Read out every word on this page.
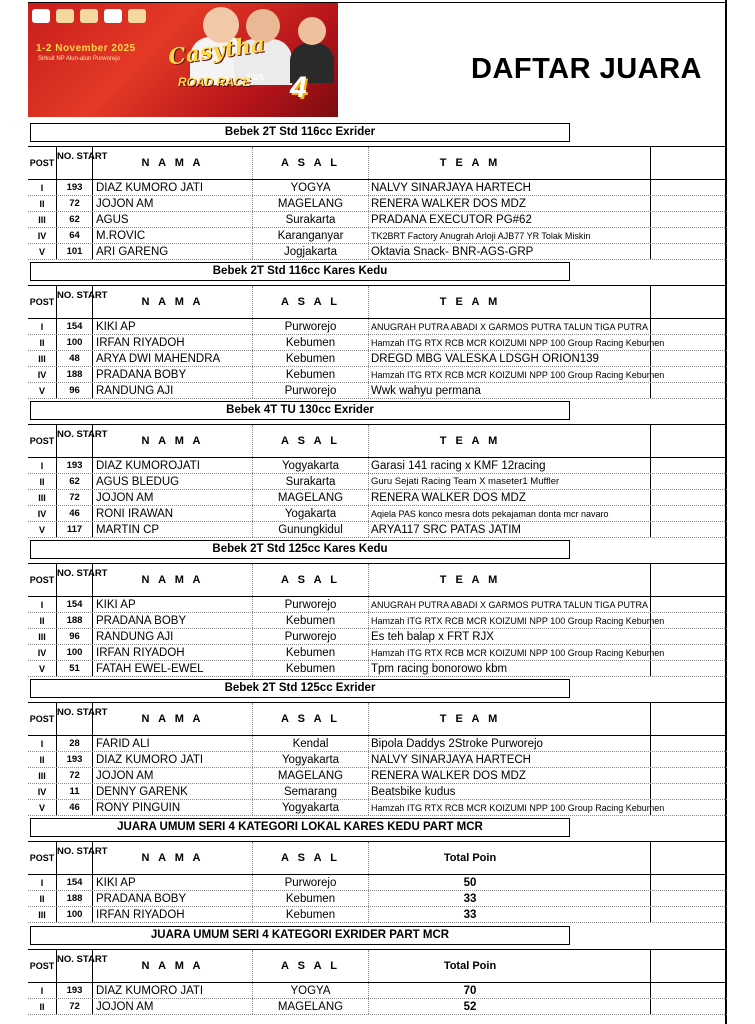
1-2 November 2025
Sirkuit NP Alun-alun Purworejo Casytha
ROAD RACE
2025 4
DAFTAR JUARA
Bebek 2T Std 116cc Exrider
POST
NO. START
N A M A	A S A L	T E A M
I	193	DIAZ KUMORO JATI	YOGYA	NALVY SINARJAYA HARTECH
II	72	JOJON AM	MAGELANG	RENERA WALKER DOS MDZ
III	62	AGUS	Surakarta	PRADANA EXECUTOR PG#62
IV	64	M.ROVIC	Karanganyar	TK2BRT Factory Anugrah Arloji AJB77 YR Tolak Miskin
V	101	ARI GARENG	Jogjakarta	Oktavia Snack- BNR-AGS-GRP
Bebek 2T Std 116cc Kares Kedu
POST
NO. START
N A M A	A S A L	T E A M
I	154	KIKI AP	Purworejo	ANUGRAH PUTRA ABADI X GARMOS PUTRA TALUN TIGA PUTRA
II	100	IRFAN RIYADOH	Kebumen	Hamzah ITG RTX RCB MCR KOIZUMI NPP 100 Group Racing Kebumen
III	48	ARYA DWI MAHENDRA	Kebumen	DREGD MBG VALESKA LDSGH ORION139
IV	188	PRADANA BOBY	Kebumen	Hamzah ITG RTX RCB MCR KOIZUMI NPP 100 Group Racing Kebumen
V	96	RANDUNG AJI	Purworejo	Wwk wahyu permana
Bebek 4T TU 130cc Exrider
POST
NO. START
N A M A	A S A L	T E A M
I	193	DIAZ KUMOROJATI	Yogyakarta	Garasi 141 racing x KMF 12racing
II	62	AGUS BLEDUG	Surakarta	Guru Sejati Racing Team X maseter1 Muffler
III	72	JOJON AM	MAGELANG	RENERA WALKER DOS MDZ
IV	46	RONI IRAWAN	Yogakarta	Aqiela PAS konco mesra dots pekajaman donta mcr navaro
V	117	MARTIN CP	Gunungkidul	ARYA117 SRC PATAS JATIM
Bebek 2T Std 125cc Kares Kedu
POST
NO. START
N A M A	A S A L	T E A M
I	154	KIKI AP	Purworejo	ANUGRAH PUTRA ABADI X GARMOS PUTRA TALUN TIGA PUTRA
II	188	PRADANA BOBY	Kebumen	Hamzah ITG RTX RCB MCR KOIZUMI NPP 100 Group Racing Kebumen
III	96	RANDUNG AJI	Purworejo	Es teh balap x FRT RJX
IV	100	IRFAN RIYADOH	Kebumen	Hamzah ITG RTX RCB MCR KOIZUMI NPP 100 Group Racing Kebumen
V	51	FATAH EWEL-EWEL	Kebumen	Tpm racing bonorowo kbm
Bebek 2T Std 125cc Exrider
POST
NO. START
N A M A	A S A L	T E A M
I	28	FARID ALI	Kendal	Bipola Daddys 2Stroke Purworejo
II	193	DIAZ KUMORO JATI	Yogyakarta	NALVY SINARJAYA HARTECH
III	72	JOJON AM	MAGELANG	RENERA WALKER DOS MDZ
IV	11	DENNY GARENK	Semarang	Beatsbike kudus
V	46	RONY PINGUIN	Yogyakarta	Hamzah ITG RTX RCB MCR KOIZUMI NPP 100 Group Racing Kebumen
JUARA UMUM SERI 4 KATEGORI LOKAL KARES KEDU PART MCR
POST
NO. START
N A M A	A S A L	Total Poin
I	154	KIKI AP	Purworejo	50
II	188	PRADANA BOBY	Kebumen	33
III	100	IRFAN RIYADOH	Kebumen	33
JUARA UMUM SERI 4 KATEGORI EXRIDER PART MCR
POST
NO. START
N A M A	A S A L	Total Poin
I	193	DIAZ KUMORO JATI	YOGYA	70
II	72	JOJON AM	MAGELANG	52
